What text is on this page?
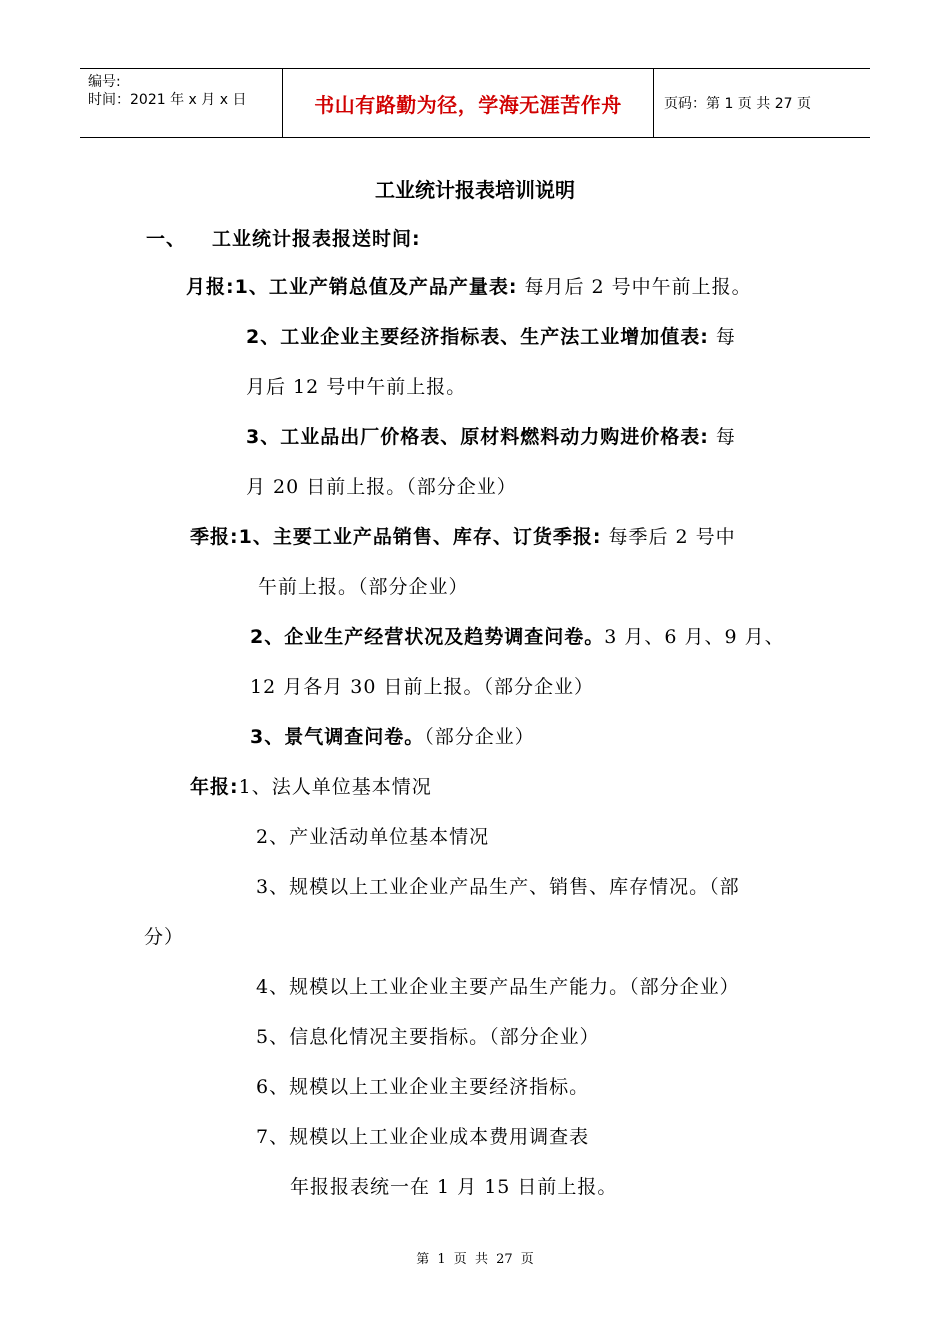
编号:
时间：2021 年 x 月 x 日	书山有路勤为径，学海无涯苦作舟	页码：第 1 页 共 27 页
工业统计报表培训说明
一、 工业统计报表报送时间:
月报:1、工业产销总值及产品产量表: 每月后 2 号中午前上报。
2、工业企业主要经济指标表、生产法工业增加值表: 每
月后 12 号中午前上报。
3、工业品出厂价格表、原材料燃料动力购进价格表: 每
月 20 日前上报。（部分企业）
季报:1、主要工业产品销售、库存、订货季报: 每季后 2 号中
午前上报。（部分企业）
2、企业生产经营状况及趋势调查问卷。3 月、6 月、9 月、
12 月各月 30 日前上报。（部分企业）
3、景气调查问卷。（部分企业）
年报:1、法人单位基本情况
2、产业活动单位基本情况
3、规模以上工业企业产品生产、销售、库存情况。（部
分）
4、规模以上工业企业主要产品生产能力。（部分企业）
5、信息化情况主要指标。（部分企业）
6、规模以上工业企业主要经济指标。
7、规模以上工业企业成本费用调查表
年报报表统一在 1 月 15 日前上报。
第 1 页 共 27 页
